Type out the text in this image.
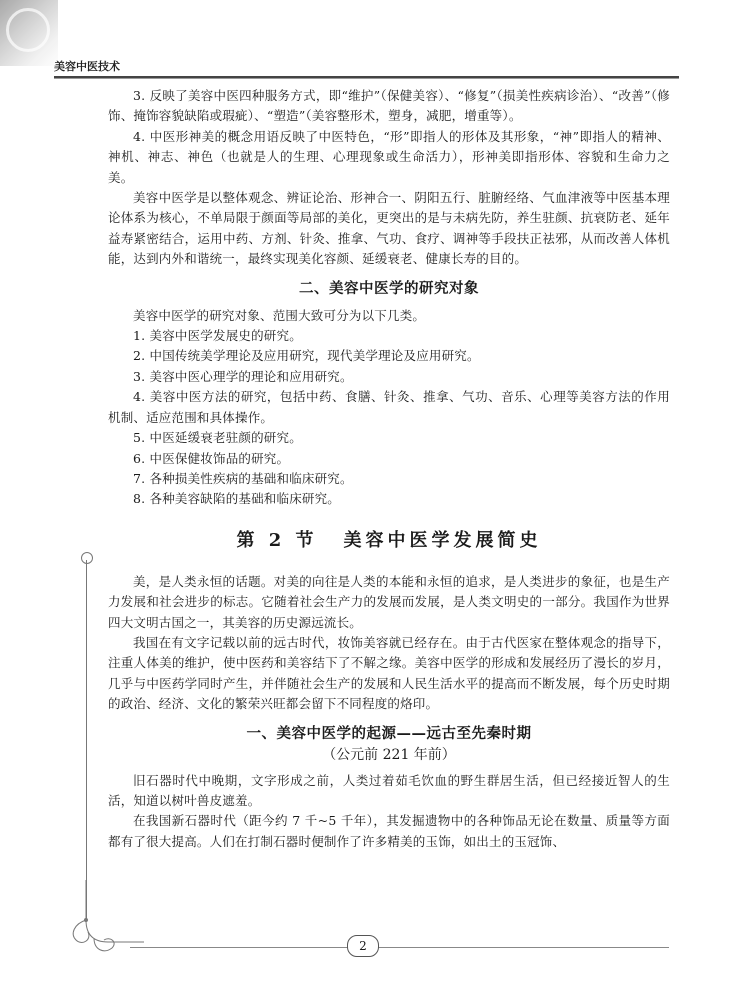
美容中医技术

3. 反映了美容中医四种服务方式，即“维护”（保健美容）、“修复”（损美性疾病诊治）、“改善”（修饰、掩饰容貌缺陷或瑕疵）、“塑造”（美容整形术，塑身，减肥，增重等）。

4. 中医形神美的概念用语反映了中医特色，“形”即指人的形体及其形象，“神”即指人的精神、神机、神志、神色（也就是人的生理、心理现象或生命活力），形神美即指形体、容貌和生命力之美。

美容中医学是以整体观念、辨证论治、形神合一、阴阳五行、脏腑经络、气血津液等中医基本理论体系为核心，不单局限于颜面等局部的美化，更突出的是与未病先防，养生驻颜、抗衰防老、延年益寿紧密结合，运用中药、方剂、针灸、推拿、气功、食疗、调神等手段扶正祛邪，从而改善人体机能，达到内外和谐统一，最终实现美化容颜、延缓衰老、健康长寿的目的。

二、美容中医学的研究对象

美容中医学的研究对象、范围大致可分为以下几类。

1. 美容中医学发展史的研究。

2. 中国传统美学理论及应用研究，现代美学理论及应用研究。

3. 美容中医心理学的理论和应用研究。

4. 美容中医方法的研究，包括中药、食膳、针灸、推拿、气功、音乐、心理等美容方法的作用机制、适应范围和具体操作。

5. 中医延缓衰老驻颜的研究。

6. 中医保健妆饰品的研究。

7. 各种损美性疾病的基础和临床研究。

8. 各种美容缺陷的基础和临床研究。

第 2 节 美容中医学发展简史

美，是人类永恒的话题。对美的向往是人类的本能和永恒的追求，是人类进步的象征，也是生产力发展和社会进步的标志。它随着社会生产力的发展而发展，是人类文明史的一部分。我国作为世界四大文明古国之一，其美容的历史源远流长。

我国在有文字记载以前的远古时代，妆饰美容就已经存在。由于古代医家在整体观念的指导下，注重人体美的维护，使中医药和美容结下了不解之缘。美容中医学的形成和发展经历了漫长的岁月，几乎与中医药学同时产生，并伴随社会生产的发展和人民生活水平的提高而不断发展，每个历史时期的政治、经济、文化的繁荣兴旺都会留下不同程度的烙印。

一、美容中医学的起源——远古至先秦时期
（公元前 221 年前）

旧石器时代中晚期，文字形成之前，人类过着茹毛饮血的野生群居生活，但已经接近智人的生活，知道以树叶兽皮遮羞。

在我国新石器时代（距今约 7 千~5 千年），其发掘遗物中的各种饰品无论在数量、质量等方面都有了很大提高。人们在打制石器时便制作了许多精美的玉饰，如出土的玉冠饰、

2
